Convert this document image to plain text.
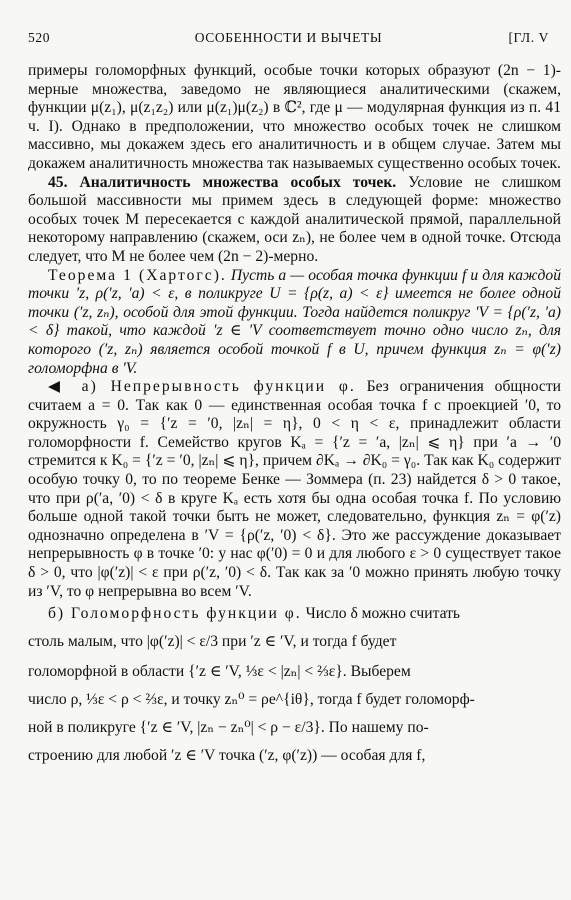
520	ОСОБЕННОСТИ И ВЫЧЕТЫ	[ГЛ. V

примеры голоморфных функций, особые точки которых образуют (2n − 1)-мерные множества, заведомо не являющиеся аналитическими (скажем, функции μ(z₁), μ(z₁z₂) или μ(z₁)μ(z₂) в ℂ², где μ — модулярная функция из п. 41 ч. I). Однако в предположении, что множество особых точек не слишком массивно, мы докажем здесь его аналитичность и в общем случае. Затем мы докажем аналитичность множества так называемых существенно особых точек.

45. Аналитичность множества особых точек. Условие не слишком большой массивности мы примем здесь в следующей форме: множество особых точек M пересекается с каждой аналитической прямой, параллельной некоторому направлению (скажем, оси zₙ), не более чем в одной точке. Отсюда следует, что M не более чем (2n − 2)-мерно.

Теорема 1 (Хартогс). Пусть a — особая точка функции f и для каждой точки ′z, ρ(′z, ′a) < ε, в поликруге U = {ρ(z, a) < ε} имеется не более одной точки (′z, zₙ), особой для этой функции. Тогда найдется поликруг ′V = {ρ(′z, ′a) < δ} такой, что каждой ′z ∈ ′V соответствует точно одно число zₙ, для которого (′z, zₙ) является особой точкой f в U, причем функция zₙ = φ(′z) голоморфна в ′V.

◀ а) Непрерывность функции φ. Без ограничения общности считаем a = 0. Так как 0 — единственная особая точка f с проекцией ′0, то окружность γ₀ = {′z = ′0, |zₙ| = η}, 0 < η < ε, принадлежит области голоморфности f. Семейство кругов Kₐ = {′z = ′a, |zₙ| ⩽ η} при ′a → ′0 стремится к K₀ = {′z = ′0, |zₙ| ⩽ η}, причем ∂Kₐ → ∂K₀ = γ₀. Так как K₀ содержит особую точку 0, то по теореме Бенке — Зоммера (п. 23) найдется δ > 0 такое, что при ρ(′a, ′0) < δ в круге Kₐ есть хотя бы одна особая точка f. По условию больше одной такой точки быть не может, следовательно, функция zₙ = φ(′z) однозначно определена в ′V = {ρ(′z, ′0) < δ}. Это же рассуждение доказывает непрерывность φ в точке ′0: у нас φ(′0) = 0 и для любого ε > 0 существует такое δ > 0, что |φ(′z)| < ε при ρ(′z, ′0) < δ. Так как за ′0 можно принять любую точку из ′V, то φ непрерывна во всем ′V.

б) Голоморфность функции φ. Число δ можно считать

столь малым, что |φ(′z)| < ε/3 при ′z ∈ ′V, и тогда f будет

голоморфной в области {′z ∈ ′V, ⅓ε < |zₙ| < ⅔ε}. Выберем

число ρ, ⅓ε < ρ < ⅔ε, и точку zₙ⁰ = ρe^{iθ}, тогда f будет голоморф-

ной в поликруге {′z ∈ ′V, |zₙ − zₙ⁰| < ρ − ε/3}. По нашему по-

строению для любой ′z ∈ ′V точка (′z, φ(′z)) — особая для f,
